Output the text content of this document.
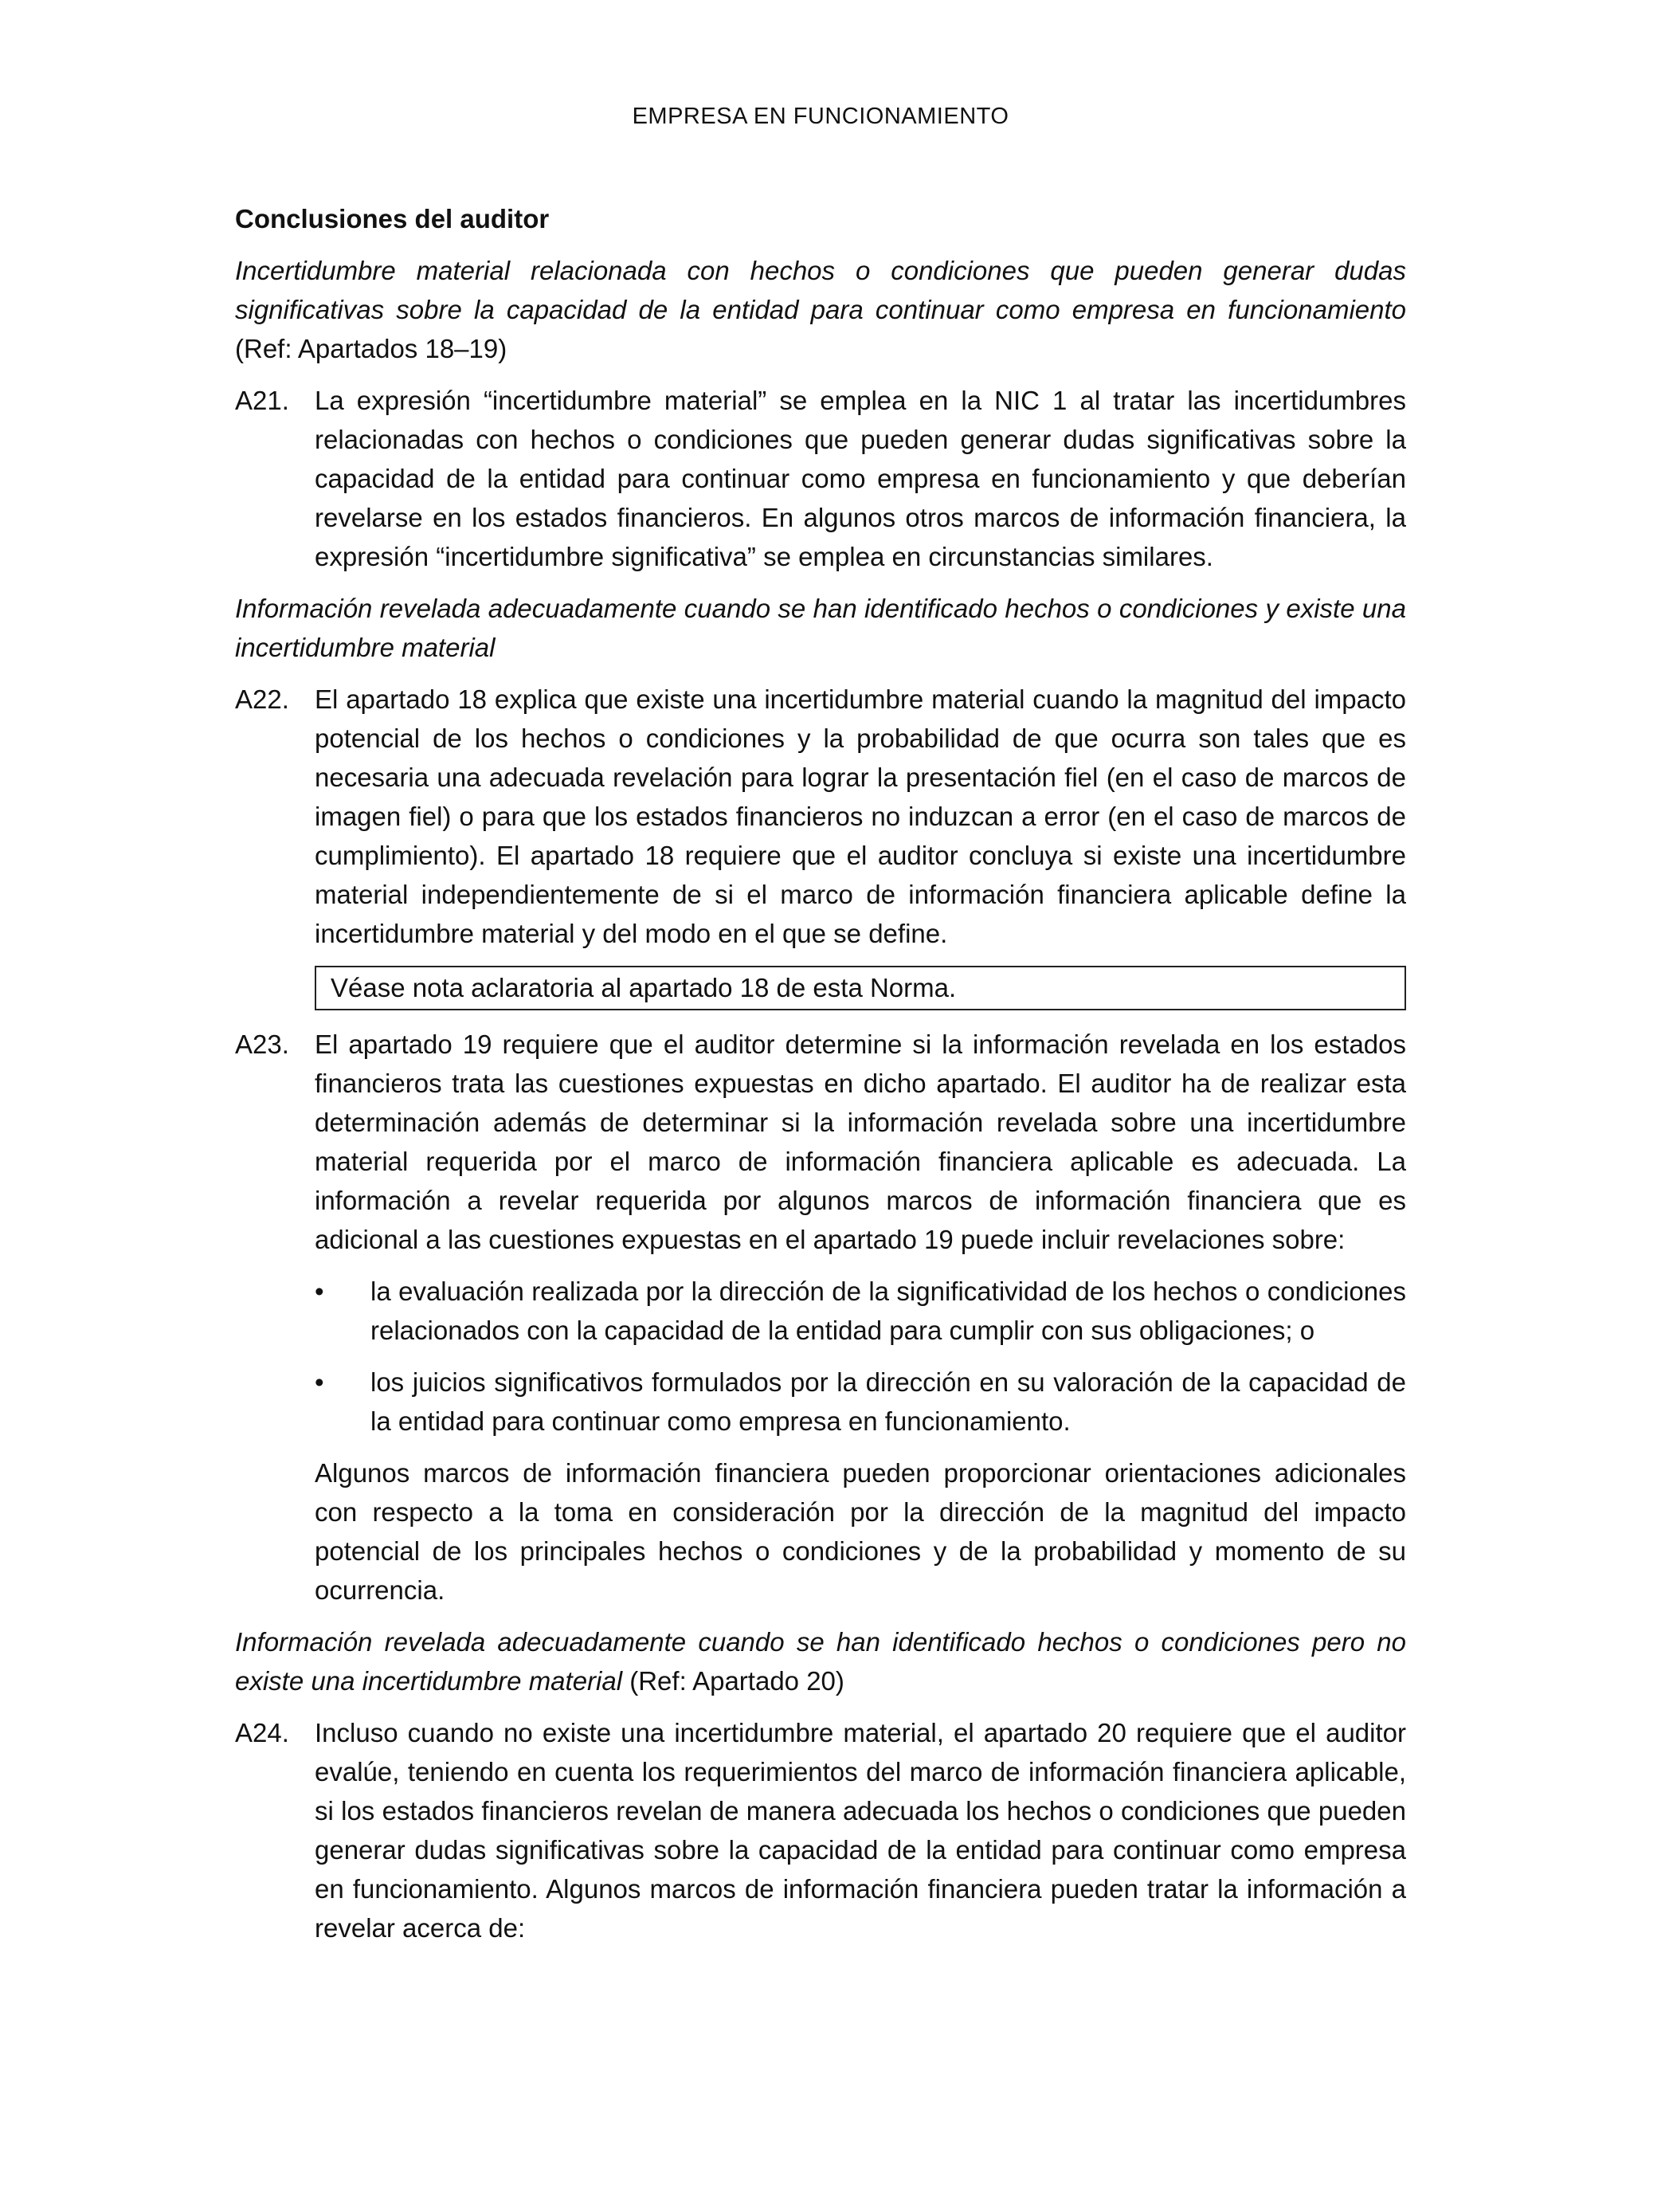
EMPRESA EN FUNCIONAMIENTO
Conclusiones del auditor

Incertidumbre material relacionada con hechos o condiciones que pueden generar dudas significativas sobre la capacidad de la entidad para continuar como empresa en funcionamiento (Ref: Apartados 18–19)

A21. La expresión “incertidumbre material” se emplea en la NIC 1 al tratar las incertidumbres relacionadas con hechos o condiciones que pueden generar dudas significativas sobre la capacidad de la entidad para continuar como empresa en funcionamiento y que deberían revelarse en los estados financieros. En algunos otros marcos de información financiera, la expresión “incertidumbre significativa” se emplea en circunstancias similares.

Información revelada adecuadamente cuando se han identificado hechos o condiciones y existe una incertidumbre material

A22. El apartado 18 explica que existe una incertidumbre material cuando la magnitud del impacto potencial de los hechos o condiciones y la probabilidad de que ocurra son tales que es necesaria una adecuada revelación para lograr la presentación fiel (en el caso de marcos de imagen fiel) o para que los estados financieros no induzcan a error (en el caso de marcos de cumplimiento). El apartado 18 requiere que el auditor concluya si existe una incertidumbre material independientemente de si el marco de información financiera aplicable define la incertidumbre material y del modo en el que se define.
Véase nota aclaratoria al apartado 18 de esta Norma.
A23. El apartado 19 requiere que el auditor determine si la información revelada en los estados financieros trata las cuestiones expuestas en dicho apartado. El auditor ha de realizar esta determinación además de determinar si la información revelada sobre una incertidumbre material requerida por el marco de información financiera aplicable es adecuada. La información a revelar requerida por algunos marcos de información financiera que es adicional a las cuestiones expuestas en el apartado 19 puede incluir revelaciones sobre:
•	la evaluación realizada por la dirección de la significatividad de los hechos o condiciones relacionados con la capacidad de la entidad para cumplir con sus obligaciones; o
•	los juicios significativos formulados por la dirección en su valoración de la capacidad de la entidad para continuar como empresa en funcionamiento.

Algunos marcos de información financiera pueden proporcionar orientaciones adicionales con respecto a la toma en consideración por la dirección de la magnitud del impacto potencial de los principales hechos o condiciones y de la probabilidad y momento de su ocurrencia.

Información revelada adecuadamente cuando se han identificado hechos o condiciones pero no existe una incertidumbre material (Ref: Apartado 20)

A24. Incluso cuando no existe una incertidumbre material, el apartado 20 requiere que el auditor evalúe, teniendo en cuenta los requerimientos del marco de información financiera aplicable, si los estados financieros revelan de manera adecuada los hechos o condiciones que pueden generar dudas significativas sobre la capacidad de la entidad para continuar como empresa en funcionamiento. Algunos marcos de información financiera pueden tratar la información a revelar acerca de:
